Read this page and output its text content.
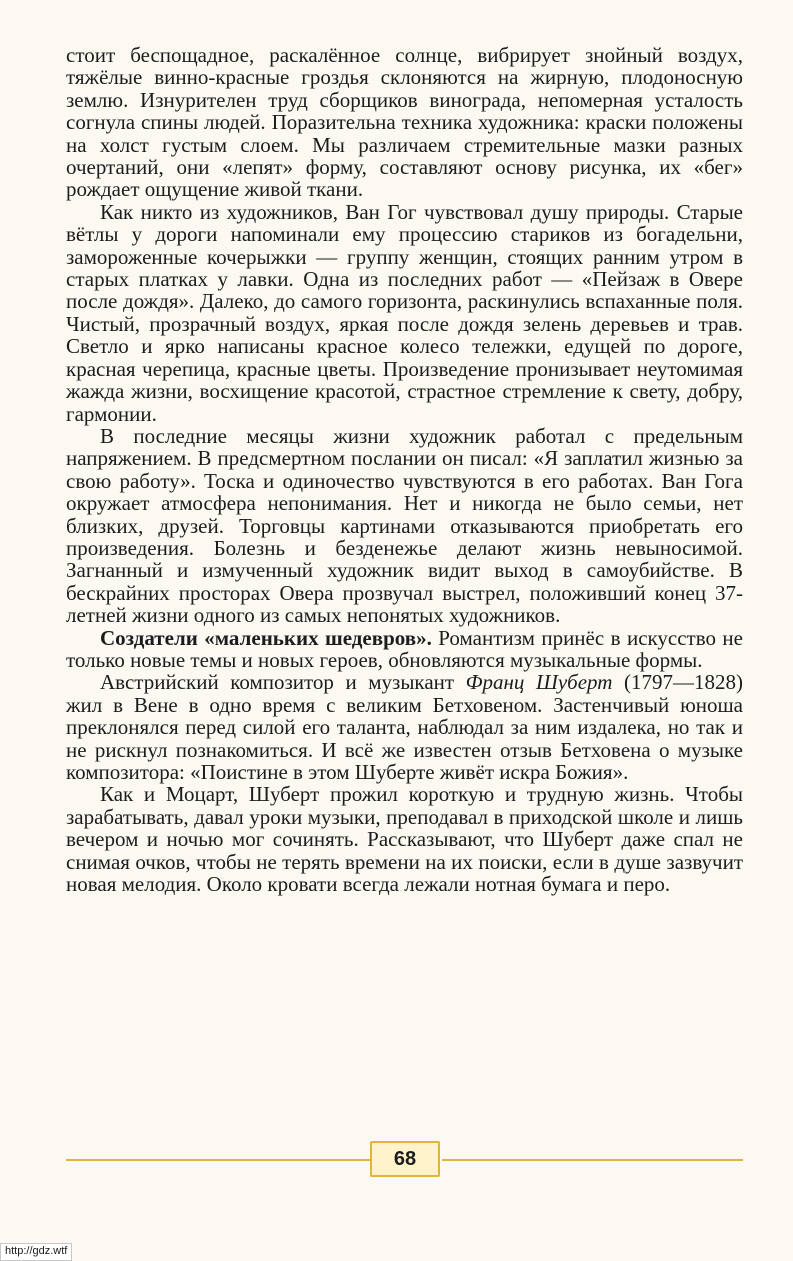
стоит беспощадное, раскалённое солнце, вибрирует знойный воздух, тяжёлые винно-красные гроздья склоняются на жирную, плодоносную землю. Изнурителен труд сборщиков винограда, непомерная усталость согнула спины людей. Поразительна техника художника: краски положены на холст густым слоем. Мы различаем стремительные мазки разных очертаний, они «лепят» форму, составляют основу рисунка, их «бег» рождает ощущение живой ткани.

Как никто из художников, Ван Гог чувствовал душу природы. Старые вётлы у дороги напоминали ему процессию стариков из богадельни, замороженные кочерыжки — группу женщин, стоящих ранним утром в старых платках у лавки. Одна из последних работ — «Пейзаж в Овере после дождя». Далеко, до самого горизонта, раскинулись вспаханные поля. Чистый, прозрачный воздух, яркая после дождя зелень деревьев и трав. Светло и ярко написаны красное колесо тележки, едущей по дороге, красная черепица, красные цветы. Произведение пронизывает неутомимая жажда жизни, восхищение красотой, страстное стремление к свету, добру, гармонии.

В последние месяцы жизни художник работал с предельным напряжением. В предсмертном послании он писал: «Я заплатил жизнью за свою работу». Тоска и одиночество чувствуются в его работах. Ван Гога окружает атмосфера непонимания. Нет и никогда не было семьи, нет близких, друзей. Торговцы картинами отказываются приобретать его произведения. Болезнь и безденежье делают жизнь невыносимой. Загнанный и измученный художник видит выход в самоубийстве. В бескрайних просторах Овера прозвучал выстрел, положивший конец 37-летней жизни одного из самых непонятых художников.

Создатели «маленьких шедевров». Романтизм принёс в искусство не только новые темы и новых героев, обновляются музыкальные формы.

Австрийский композитор и музыкант Франц Шуберт (1797—1828) жил в Вене в одно время с великим Бетховеном. Застенчивый юноша преклонялся перед силой его таланта, наблюдал за ним издалека, но так и не рискнул познакомиться. И всё же известен отзыв Бетховена о музыке композитора: «Поистине в этом Шуберте живёт искра Божия».

Как и Моцарт, Шуберт прожил короткую и трудную жизнь. Чтобы зарабатывать, давал уроки музыки, преподавал в приходской школе и лишь вечером и ночью мог сочинять. Рассказывают, что Шуберт даже спал не снимая очков, чтобы не терять времени на их поиски, если в душе зазвучит новая мелодия. Около кровати всегда лежали нотная бумага и перо.

68
http://gdz.wtf
